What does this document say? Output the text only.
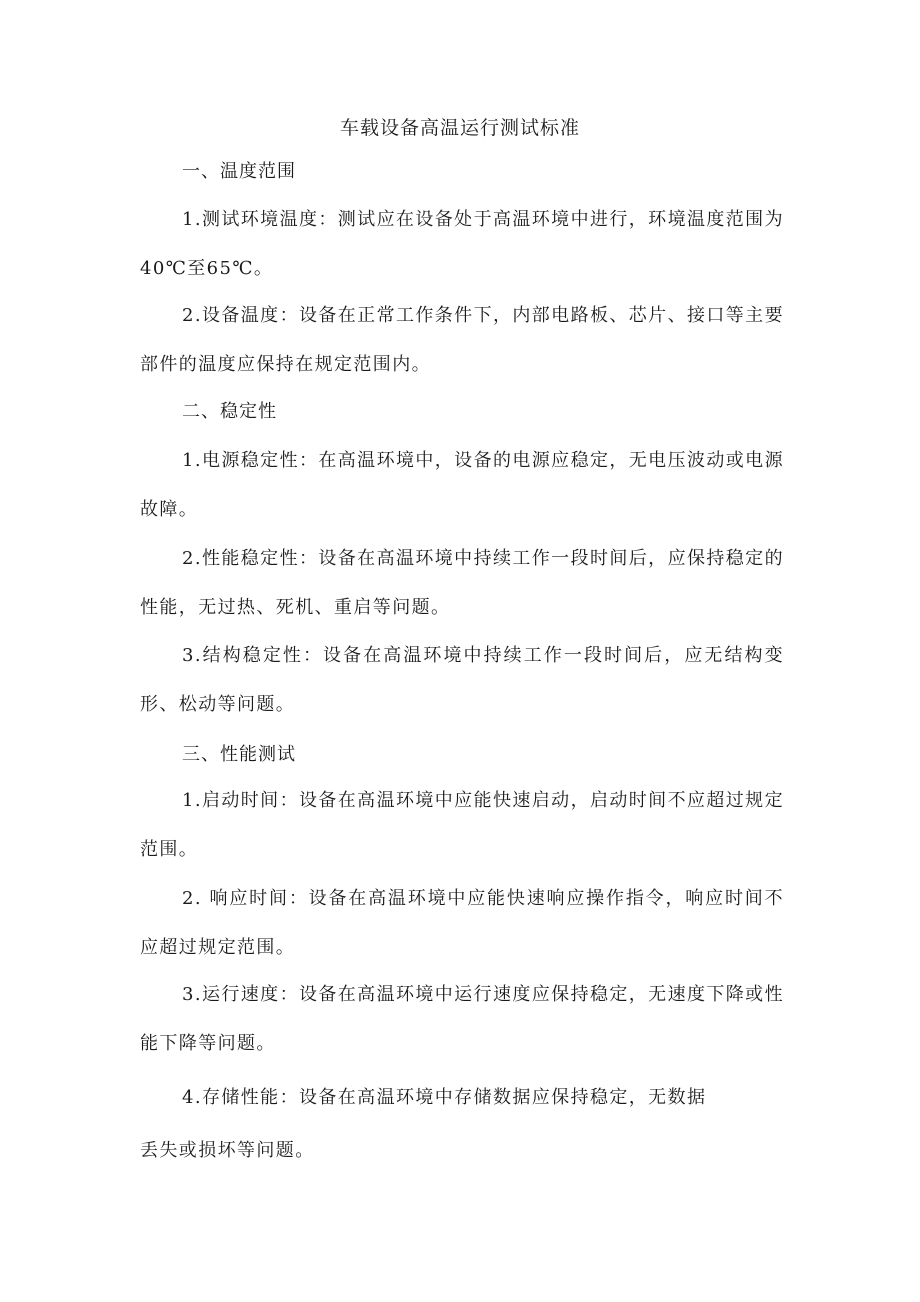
车载设备高温运行测试标准
一、温度范围
1.测试环境温度：测试应在设备处于高温环境中进行，环境温度范围为40℃至65℃。
2.设备温度：设备在正常工作条件下，内部电路板、芯片、接口等主要部件的温度应保持在规定范围内。
二、稳定性
1.电源稳定性：在高温环境中，设备的电源应稳定，无电压波动或电源故障。
2.性能稳定性：设备在高温环境中持续工作一段时间后，应保持稳定的性能，无过热、死机、重启等问题。
3.结构稳定性：设备在高温环境中持续工作一段时间后，应无结构变形、松动等问题。
三、性能测试
1.启动时间：设备在高温环境中应能快速启动，启动时间不应超过规定范围。
2. 响应时间：设备在高温环境中应能快速响应操作指令，响应时间不应超过规定范围。
3.运行速度：设备在高温环境中运行速度应保持稳定，无速度下降或性能下降等问题。
4.存储性能：设备在高温环境中存储数据应保持稳定，无数据
丢失或损坏等问题。
